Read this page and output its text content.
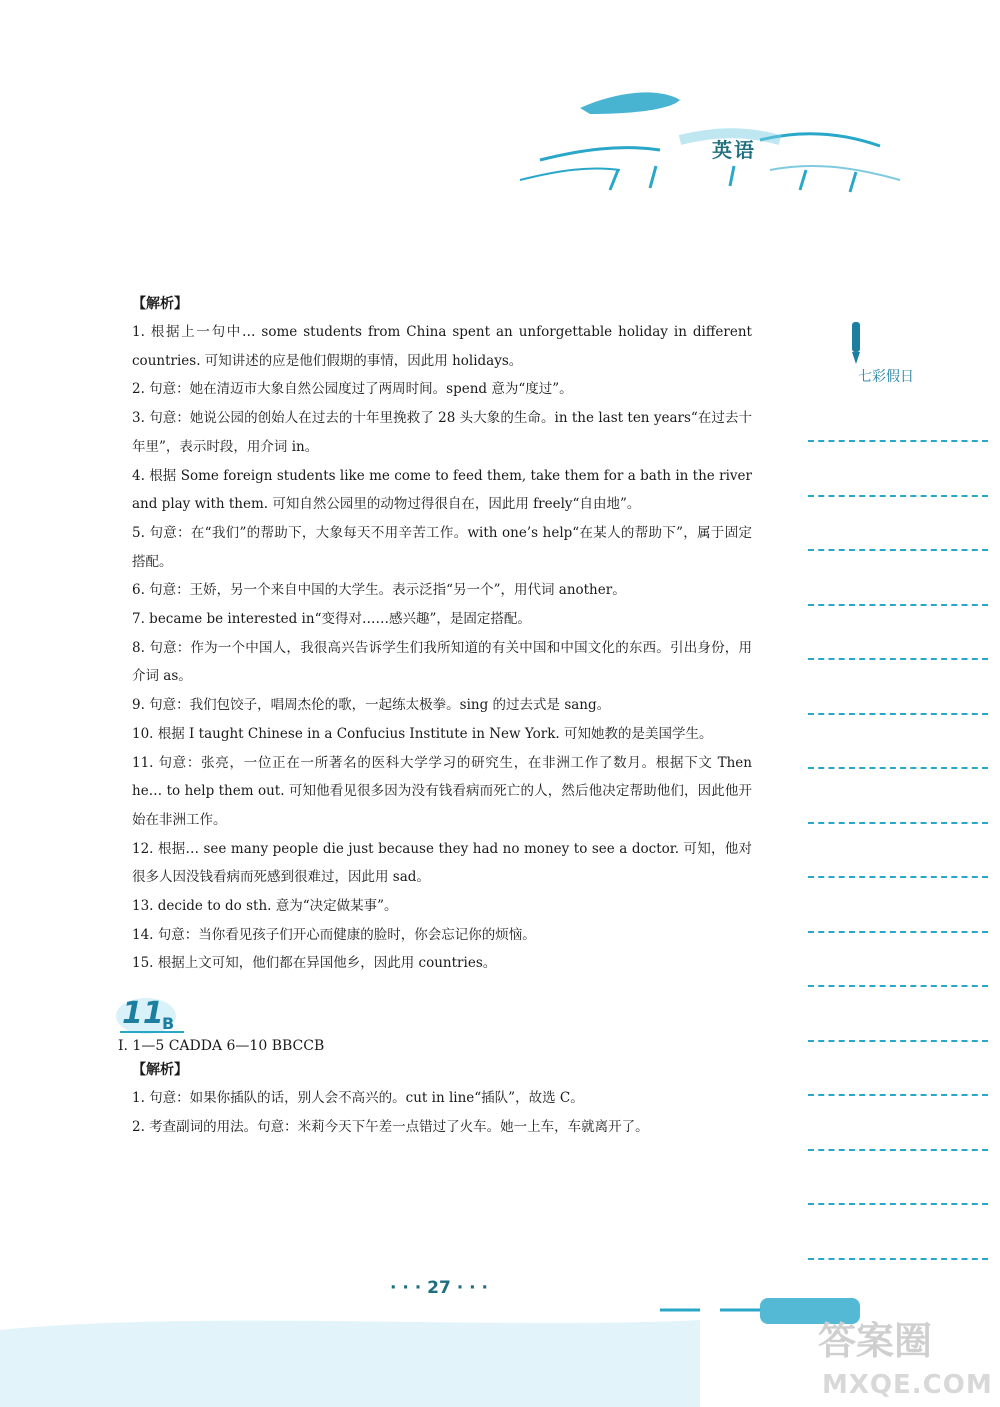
英语
【解析】

1. 根据上一句中… some students from China spent an unforgettable holiday in different countries. 可知讲述的应是他们假期的事情，因此用 holidays。

2. 句意：她在清迈市大象自然公园度过了两周时间。spend 意为“度过”。

3. 句意：她说公园的创始人在过去的十年里挽救了 28 头大象的生命。in the last ten years“在过去十年里”，表示时段，用介词 in。

4. 根据 Some foreign students like me come to feed them, take them for a bath in the river and play with them. 可知自然公园里的动物过得很自在，因此用 freely“自由地”。

5. 句意：在“我们”的帮助下，大象每天不用辛苦工作。with one’s help“在某人的帮助下”，属于固定搭配。

6. 句意：王娇，另一个来自中国的大学生。表示泛指“另一个”，用代词 another。

7. became be interested in“变得对……感兴趣”，是固定搭配。

8. 句意：作为一个中国人，我很高兴告诉学生们我所知道的有关中国和中国文化的东西。引出身份，用介词 as。

9. 句意：我们包饺子，唱周杰伦的歌，一起练太极拳。sing 的过去式是 sang。

10. 根据 I taught Chinese in a Confucius Institute in New York. 可知她教的是美国学生。

11. 句意：张亮，一位正在一所著名的医科大学学习的研究生，在非洲工作了数月。根据下文 Then he… to help them out. 可知他看见很多因为没有钱看病而死亡的人，然后他决定帮助他们，因此他开始在非洲工作。

12. 根据… see many people die just because they had no money to see a doctor. 可知，他对很多人因没钱看病而死感到很难过，因此用 sad。

13. decide to do sth. 意为“决定做某事”。

14. 句意：当你看见孩子们开心而健康的脸时，你会忘记你的烦恼。

15. 根据上文可知，他们都在异国他乡，因此用 countries。

11
B
Ⅰ. 1—5 CADDA 6—10 BBCCB
【解析】

1. 句意：如果你插队的话，别人会不高兴的。cut in line“插队”，故选 C。

2. 考查副词的用法。句意：米莉今天下午差一点错过了火车。她一上车，车就离开了。

七彩假日
· · · 27 · · ·
答案圈
MXQE.COM
